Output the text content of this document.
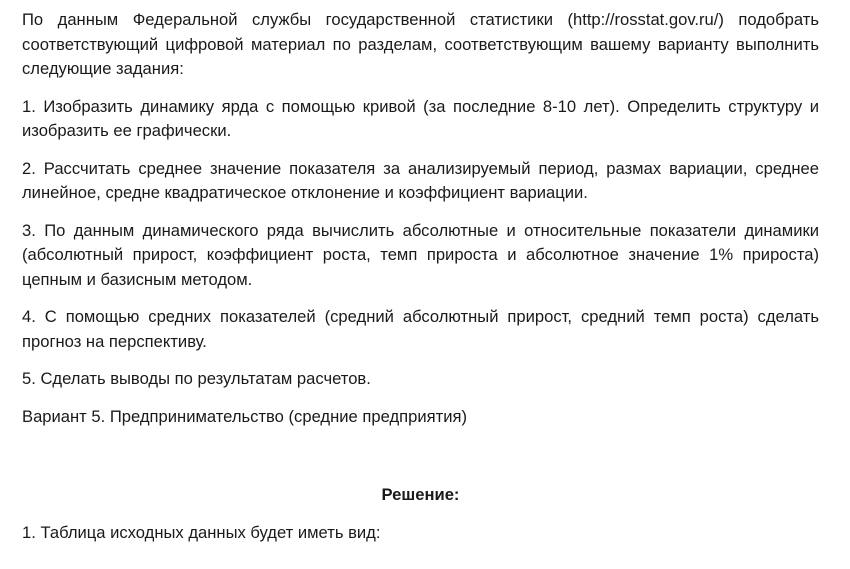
По данным Федеральной службы государственной статистики (http://rosstat.gov.ru/) подобрать соответствующий цифровой материал по разделам, соответствующим вашему варианту выполнить следующие задания:

1. Изобразить динамику ярда с помощью кривой (за последние 8-10 лет). Определить структуру и изобразить ее графически.

2. Рассчитать среднее значение показателя за анализируемый период, размах вариации, среднее линейное, средне квадратическое отклонение и коэффициент вариации.

3. По данным динамического ряда вычислить абсолютные и относительные показатели динамики (абсолютный прирост, коэффициент роста, темп прироста и абсолютное значение 1% прироста) цепным и базисным методом.

4. С помощью средних показателей (средний абсолютный прирост, средний темп роста) сделать прогноз на перспективу.

5. Сделать выводы по результатам расчетов.

Вариант 5. Предпринимательство (средние предприятия)

Решение:

1. Таблица исходных данных будет иметь вид:
